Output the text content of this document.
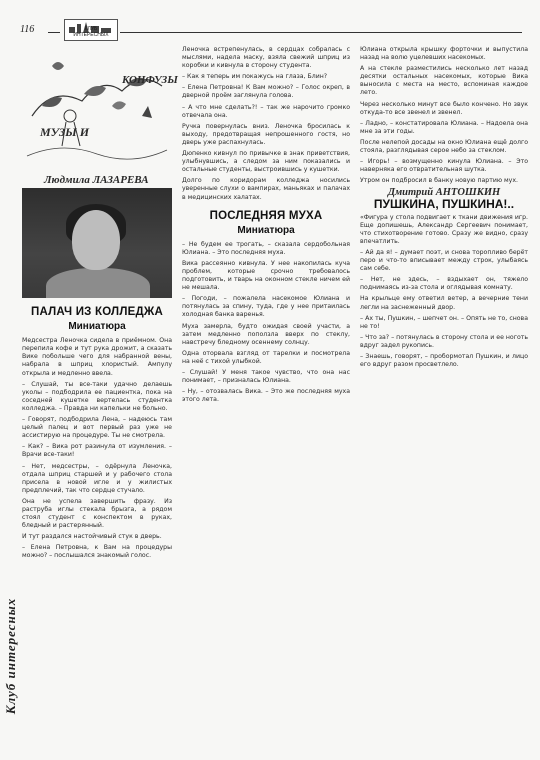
116	КЛУБ ИНТЕРЕСНЫХ
Клуб интересных
КОНФУЗЫ
МУЗЫ И
Людмила ЛАЗАРЕВА
ПАЛАЧ ИЗ КОЛЛЕДЖА
Миниатюра

Медсестра Леночка сидела в приёмном. Она перепила кофе и тут рука дрожит, а сказать Вике побольше чего для набранной вены, набрала в шприц хлористый. Ампулу открыла и медленно ввела.

– Слушай, ты все-таки удачно делаешь уколы – подбодрила ее пациентка, пока на соседней кушетке вертелась студентка колледжа. – Правда ни капельки не больно.

– Говорят, подбодрила Лена, – надеюсь там целый палец и вот первый раз уже не ассистирую на процедуре. Ты не смотрела.

– Как? – Вика рот разинула от изумления. – Врачи все-таки!

– Нет, медсестры, – одёрнула Леночка, отдала шприц старшей и у рабочего стола присела в новой игле и у жилистых предплечий, так что сердце стучало.

Она не успела завершить фразу. Из раструба иглы стекала брызга, а рядом стоял студент с конспектом в руках, бледный и растерянный.

И тут раздался настойчивый стук в дверь.

– Елена Петровна, к Вам на процедуры можно? – послышался знакомый голос.

Леночка встрепенулась, в сердцах собралась с мыслями, надела маску, взяла свежий шприц из коробки и кивнула в сторону студента.

– Как я теперь им покажусь на глаза, Блин?

– Елена Петровна! К Вам можно? – Голос окреп, в дверной проём заглянула голова.

– А что мне сделать?! – так же нарочито громко отвечала она.

Ручка повернулась вниз. Леночка бросилась к выходу, предотвращая непрошенного гостя, но дверь уже распахнулась.

Дюпенко кивнул по привычке в знак приветствия, улыбнувшись, а следом за ним показались и остальные студенты, выстроившись у кушетки.

Долго по коридорам колледжа носились уверенные слухи о вампирах, маньяках и палачах в медицинских халатах.

ПОСЛЕДНЯЯ МУХА
Миниатюра

– Не будем ее трогать, – сказала сердобольная Юлиана. – Это последняя муха.

Вика рассеянно кивнула. У нее накопилась куча проблем, которые срочно требовалось подготовить, и тварь на оконном стекле ничем ей не мешала.

– Погоди, – пожалела насекомое Юлиана и потянулась за спину, туда, где у нее притаилась холодная банка варенья.

Муха замерла, будто ожидая своей участи, а затем медленно поползла вверх по стеклу, навстречу бледному осеннему солнцу.

Одна оторвала взгляд от тарелки и посмотрела на неё с тихой улыбкой.

– Слушай! У меня такое чувство, что она нас понимает, – призналась Юлиана.

– Ну, – отозвалась Вика. – Это же последняя муха этого лета.

Юлиана открыла крышку форточки и выпустила назад на волю уцелевших насекомых.

А на стекле разместились несколько лет назад десятки остальных насекомых, которые Вика выносила с места на место, вспоминая каждое лето.

Через несколько минут все было кончено. Но звук откуда-то все звенел и звенел.

– Ладно, – констатировала Юлиана. – Надоела она мне за эти годы.

После нелепой досады на окно Юлиана ещё долго стояла, разглядывая серое небо за стеклом.

– Игорь! – возмущенно кинула Юлиана. – Это наверняка его отвратительная шутка.

Утром он подбросил в банку новую партию мух.

Дмитрий АНТОШКИН
ПУШКИНА, ПУШКИНА!..

«Фигура у стола подвигает к ткани движения игр. Еще допишешь, Александр Сергеевич понимает, что стихотворение готово. Сразу же видно, сразу впечатлить.

– Ай да я! – думает поэт, и снова торопливо берёт перо и что-то вписывает между строк, улыбаясь сам себе.

– Нет, не здесь, – вздыхает он, тяжело поднимаясь из-за стола и оглядывая комнату.

На крыльце ему ответил ветер, а вечерние тени легли на заснеженный двор.

– Ах ты, Пушкин, – шепчет он. – Опять не то, снова не то!

– Что за? – потянулась в сторону стола и ее ноготь вдруг задел рукопись.

– Знаешь, говорят, – пробормотал Пушкин, и лицо его вдруг разом просветлело.
